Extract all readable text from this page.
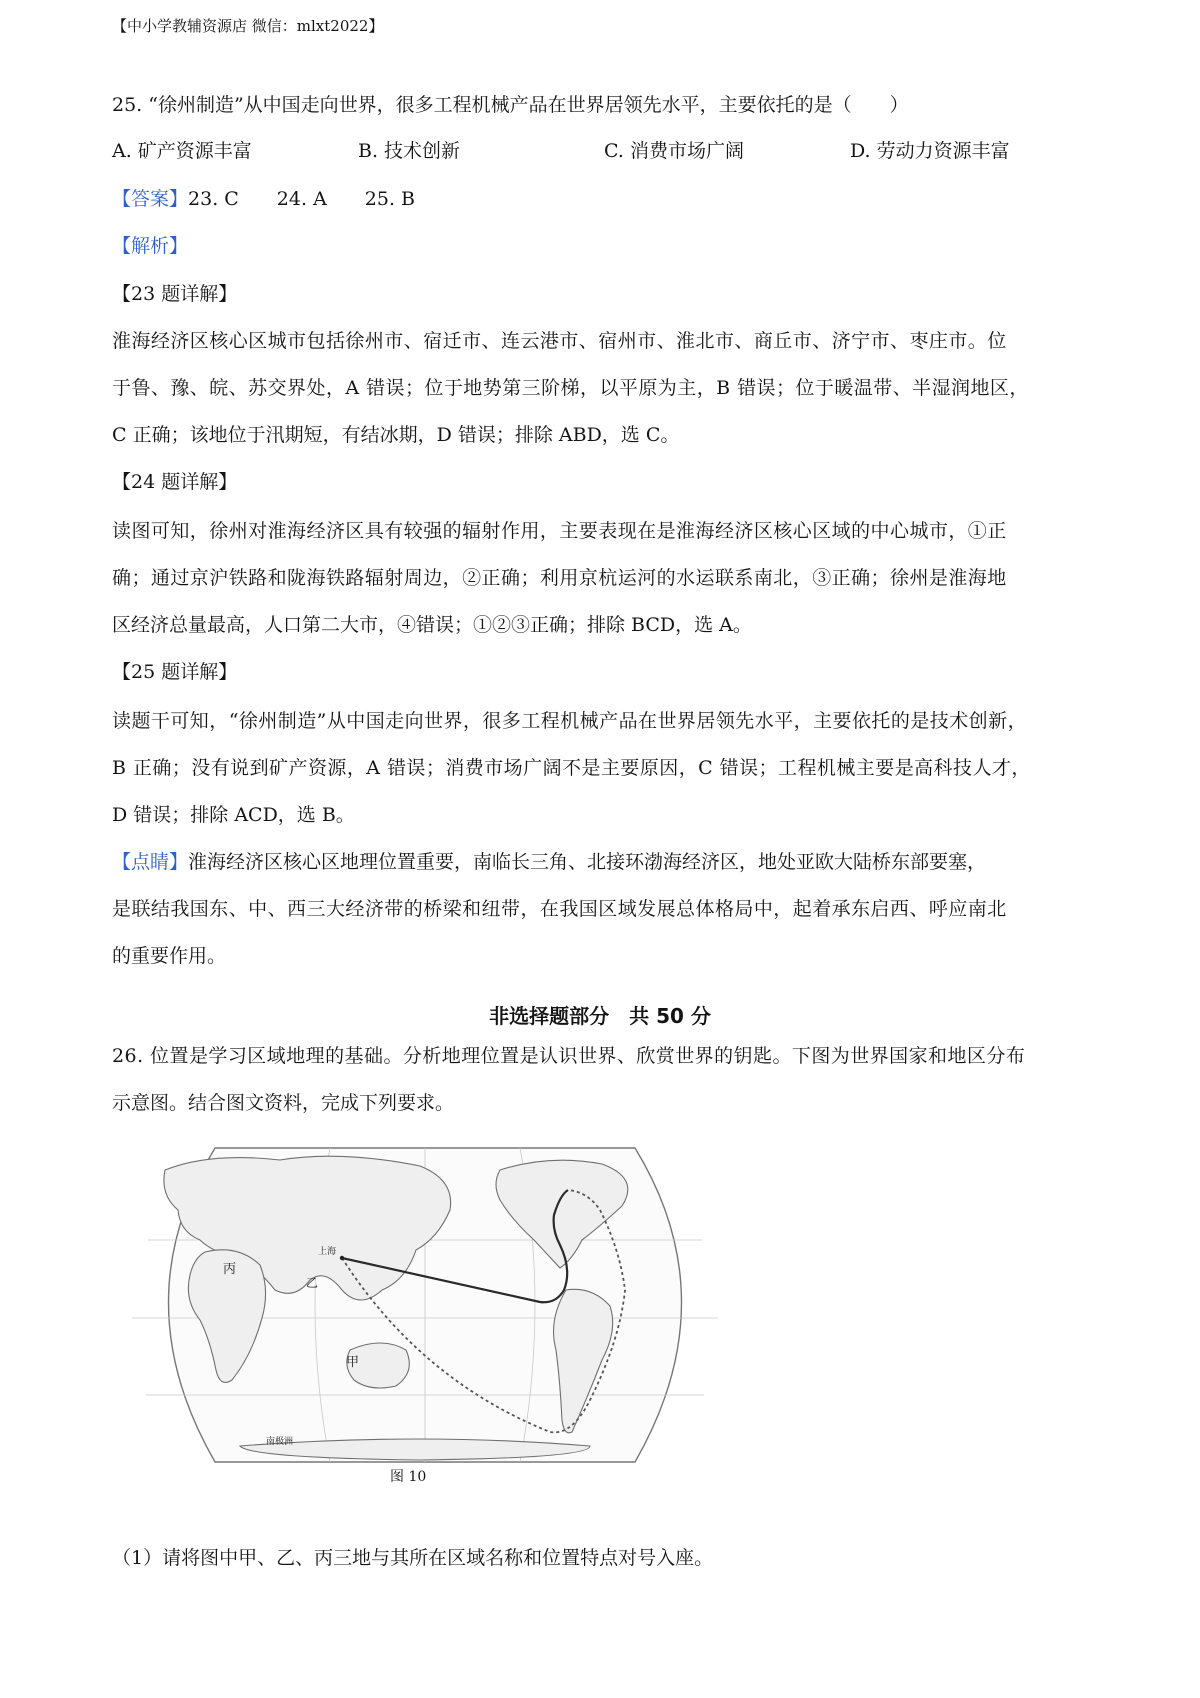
【中小学教辅资源店 微信：mlxt2022】
25. “徐州制造”从中国走向世界，很多工程机械产品在世界居领先水平，主要依托的是（　　）
A. 矿产资源丰富	B. 技术创新	C. 消费市场广阔	D. 劳动力资源丰富
【答案】23. C　　24. A　　25. B
【解析】
【23 题详解】
淮海经济区核心区城市包括徐州市、宿迁市、连云港市、宿州市、淮北市、商丘市、济宁市、枣庄市。位
于鲁、豫、皖、苏交界处，A 错误；位于地势第三阶梯，以平原为主，B 错误；位于暖温带、半湿润地区，
C 正确；该地位于汛期短，有结冰期，D 错误；排除 ABD，选 C。
【24 题详解】
读图可知，徐州对淮海经济区具有较强的辐射作用，主要表现在是淮海经济区核心区域的中心城市，①正
确；通过京沪铁路和陇海铁路辐射周边，②正确；利用京杭运河的水运联系南北，③正确；徐州是淮海地
区经济总量最高，人口第二大市，④错误；①②③正确；排除 BCD，选 A。
【25 题详解】
读题干可知，“徐州制造”从中国走向世界，很多工程机械产品在世界居领先水平，主要依托的是技术创新，
B 正确；没有说到矿产资源，A 错误；消费市场广阔不是主要原因，C 错误；工程机械主要是高科技人才，
D 错误；排除 ACD，选 B。
【点睛】淮海经济区核心区地理位置重要，南临长三角、北接环渤海经济区，地处亚欧大陆桥东部要塞，
是联结我国东、中、西三大经济带的桥梁和纽带，在我国区域发展总体格局中，起着承东启西、呼应南北
的重要作用。
非选择题部分　共 50 分
26. 位置是学习区域地理的基础。分析地理位置是认识世界、欣赏世界的钥匙。下图为世界国家和地区分布
示意图。结合图文资料，完成下列要求。
丙
乙
甲
上海
南极洲
图 10
（1）请将图中甲、乙、丙三地与其所在区域名称和位置特点对号入座。
